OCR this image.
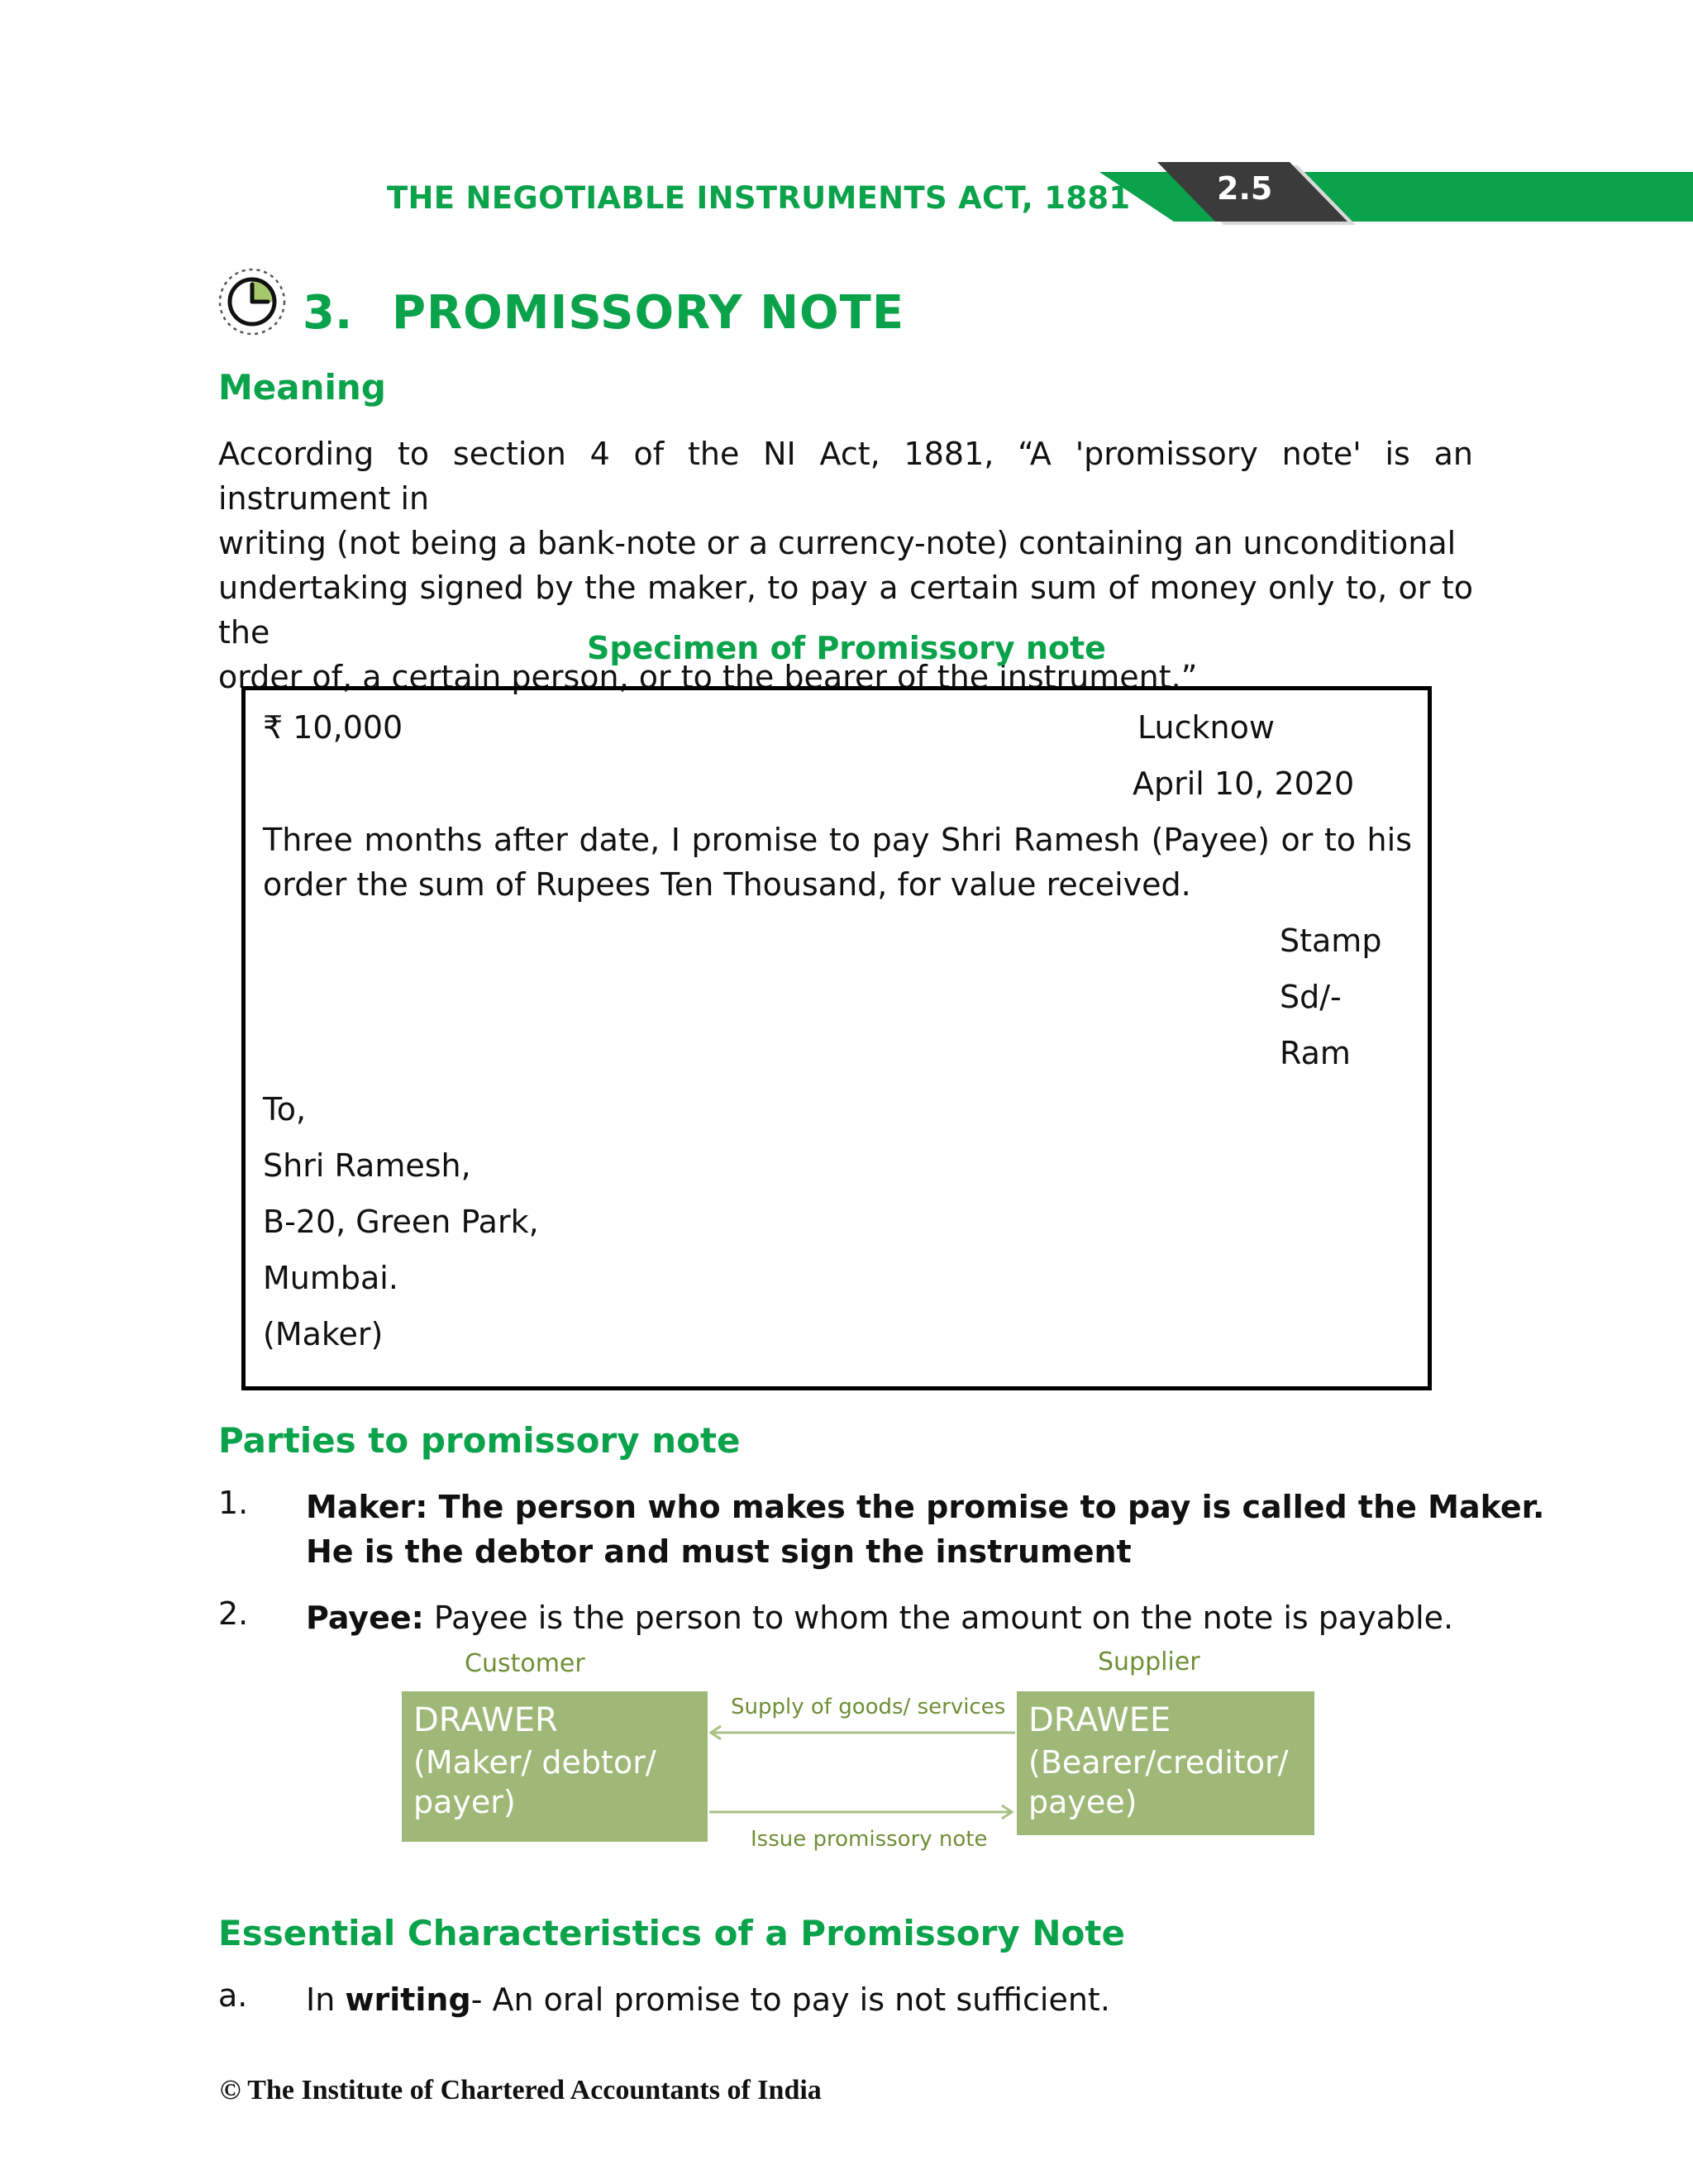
THE NEGOTIABLE INSTRUMENTS ACT, 1881	2.5
3. PROMISSORY NOTE
Meaning
According to section 4 of the NI Act, 1881, “A 'promissory note' is an instrument in
writing (not being a bank-note or a currency-note) containing an unconditional
undertaking signed by the maker, to pay a certain sum of money only to, or to the
order of, a certain person, or to the bearer of the instrument.”
Specimen of Promissory note
₹ 10,000	Lucknow
April 10, 2020
Three months after date, I promise to pay Shri Ramesh (Payee) or to his
order the sum of Rupees Ten Thousand, for value received.
Stamp
Sd/-
Ram
To,
Shri Ramesh,
B-20, Green Park,
Mumbai.
(Maker)
Parties to promissory note
1. Maker: The person who makes the promise to pay is called the Maker.
He is the debtor and must sign the instrument
2. Payee: Payee is the person to whom the amount on the note is payable.
Customer	Supplier
DRAWER
(Maker/ debtor/
payer)
DRAWEE
(Bearer/creditor/
payee)
Supply of goods/ services
Issue promissory note
Essential Characteristics of a Promissory Note
a. In writing- An oral promise to pay is not sufficient.
© The Institute of Chartered Accountants of India
